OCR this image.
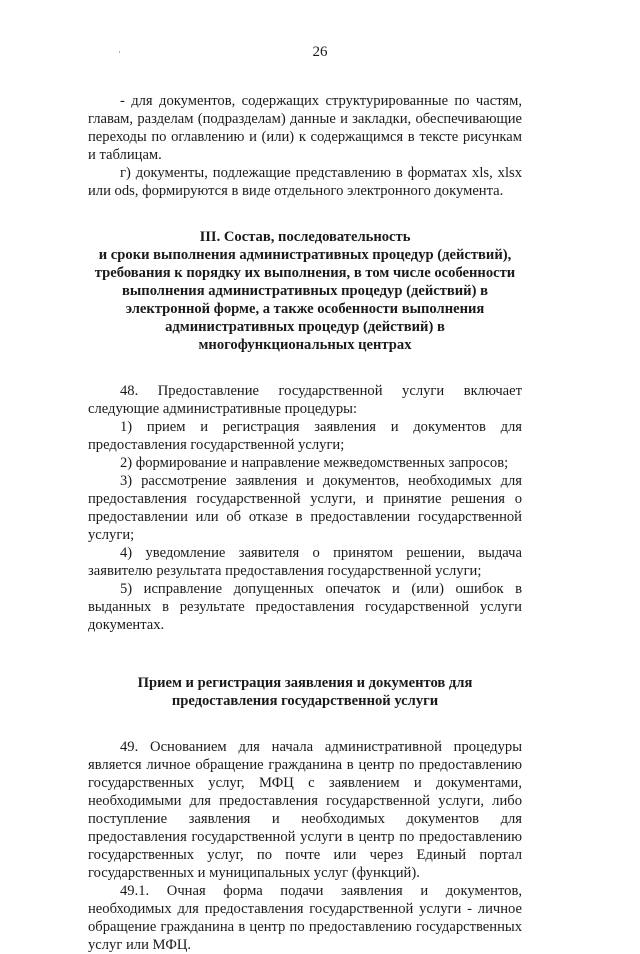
·	26

- для документов, содержащих структурированные по частям, главам, разделам (подразделам) данные и закладки, обеспечивающие переходы по оглавлению и (или) к содержащимся в тексте рисункам и таблицам.

г) документы, подлежащие представлению в форматах xls, xlsx или ods, формируются в виде отдельного электронного документа.

III. Состав, последовательность

и сроки выполнения административных процедур (действий), требования к порядку их выполнения, в том числе особенности выполнения административных процедур (действий) в электронной форме, а также особенности выполнения административных процедур (действий) в многофункциональных центрах

48. Предоставление государственной услуги включает следующие административные процедуры:

1) прием и регистрация заявления и документов для предоставления государственной услуги;

2) формирование и направление межведомственных запросов;

3) рассмотрение заявления и документов, необходимых для предоставления государственной услуги, и принятие решения о предоставлении или об отказе в предоставлении государственной услуги;

4) уведомление заявителя о принятом решении, выдача заявителю результата предоставления государственной услуги;

5) исправление допущенных опечаток и (или) ошибок в выданных в результате предоставления государственной услуги документах.

Прием и регистрация заявления и документов для предоставления государственной услуги

49. Основанием для начала административной процедуры является личное обращение гражданина в центр по предоставлению государственных услуг, МФЦ с заявлением и документами, необходимыми для предоставления государственной услуги, либо поступление заявления и необходимых документов для предоставления государственной услуги в центр по предоставлению государственных услуг, по почте или через Единый портал государственных и муниципальных услуг (функций).

49.1. Очная форма подачи заявления и документов, необходимых для предоставления государственной услуги - личное обращение гражданина в центр по предоставлению государственных услуг или МФЦ.
